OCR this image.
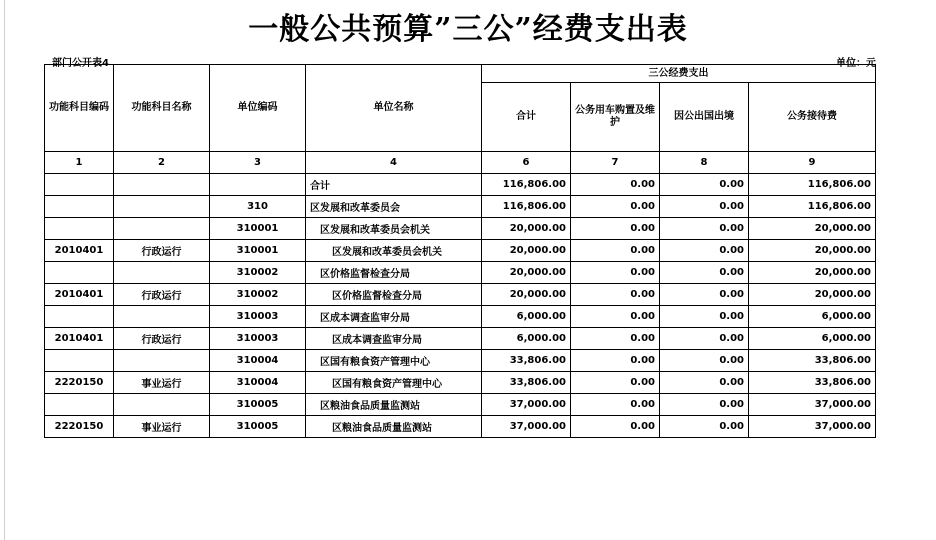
一般公共预算”三公”经费支出表
部门公开表4	单位：元
功能科目编码	功能科目名称	单位编码	单位名称	三公经费支出			
				合计	公务用车购置及维护	因公出国出境	公务接待费
1	2	3	4	6	7	8	9
			合计	116,806.00	0.00	0.00	116,806.00
		310	区发展和改革委员会	116,806.00	0.00	0.00	116,806.00
		310001	区发展和改革委员会机关	20,000.00	0.00	0.00	20,000.00
2010401	行政运行	310001	区发展和改革委员会机关	20,000.00	0.00	0.00	20,000.00
		310002	区价格监督检查分局	20,000.00	0.00	0.00	20,000.00
2010401	行政运行	310002	区价格监督检查分局	20,000.00	0.00	0.00	20,000.00
		310003	区成本调查监审分局	6,000.00	0.00	0.00	6,000.00
2010401	行政运行	310003	区成本调查监审分局	6,000.00	0.00	0.00	6,000.00
		310004	区国有粮食资产管理中心	33,806.00	0.00	0.00	33,806.00
2220150	事业运行	310004	区国有粮食资产管理中心	33,806.00	0.00	0.00	33,806.00
		310005	区粮油食品质量监测站	37,000.00	0.00	0.00	37,000.00
2220150	事业运行	310005	区粮油食品质量监测站	37,000.00	0.00	0.00	37,000.00
